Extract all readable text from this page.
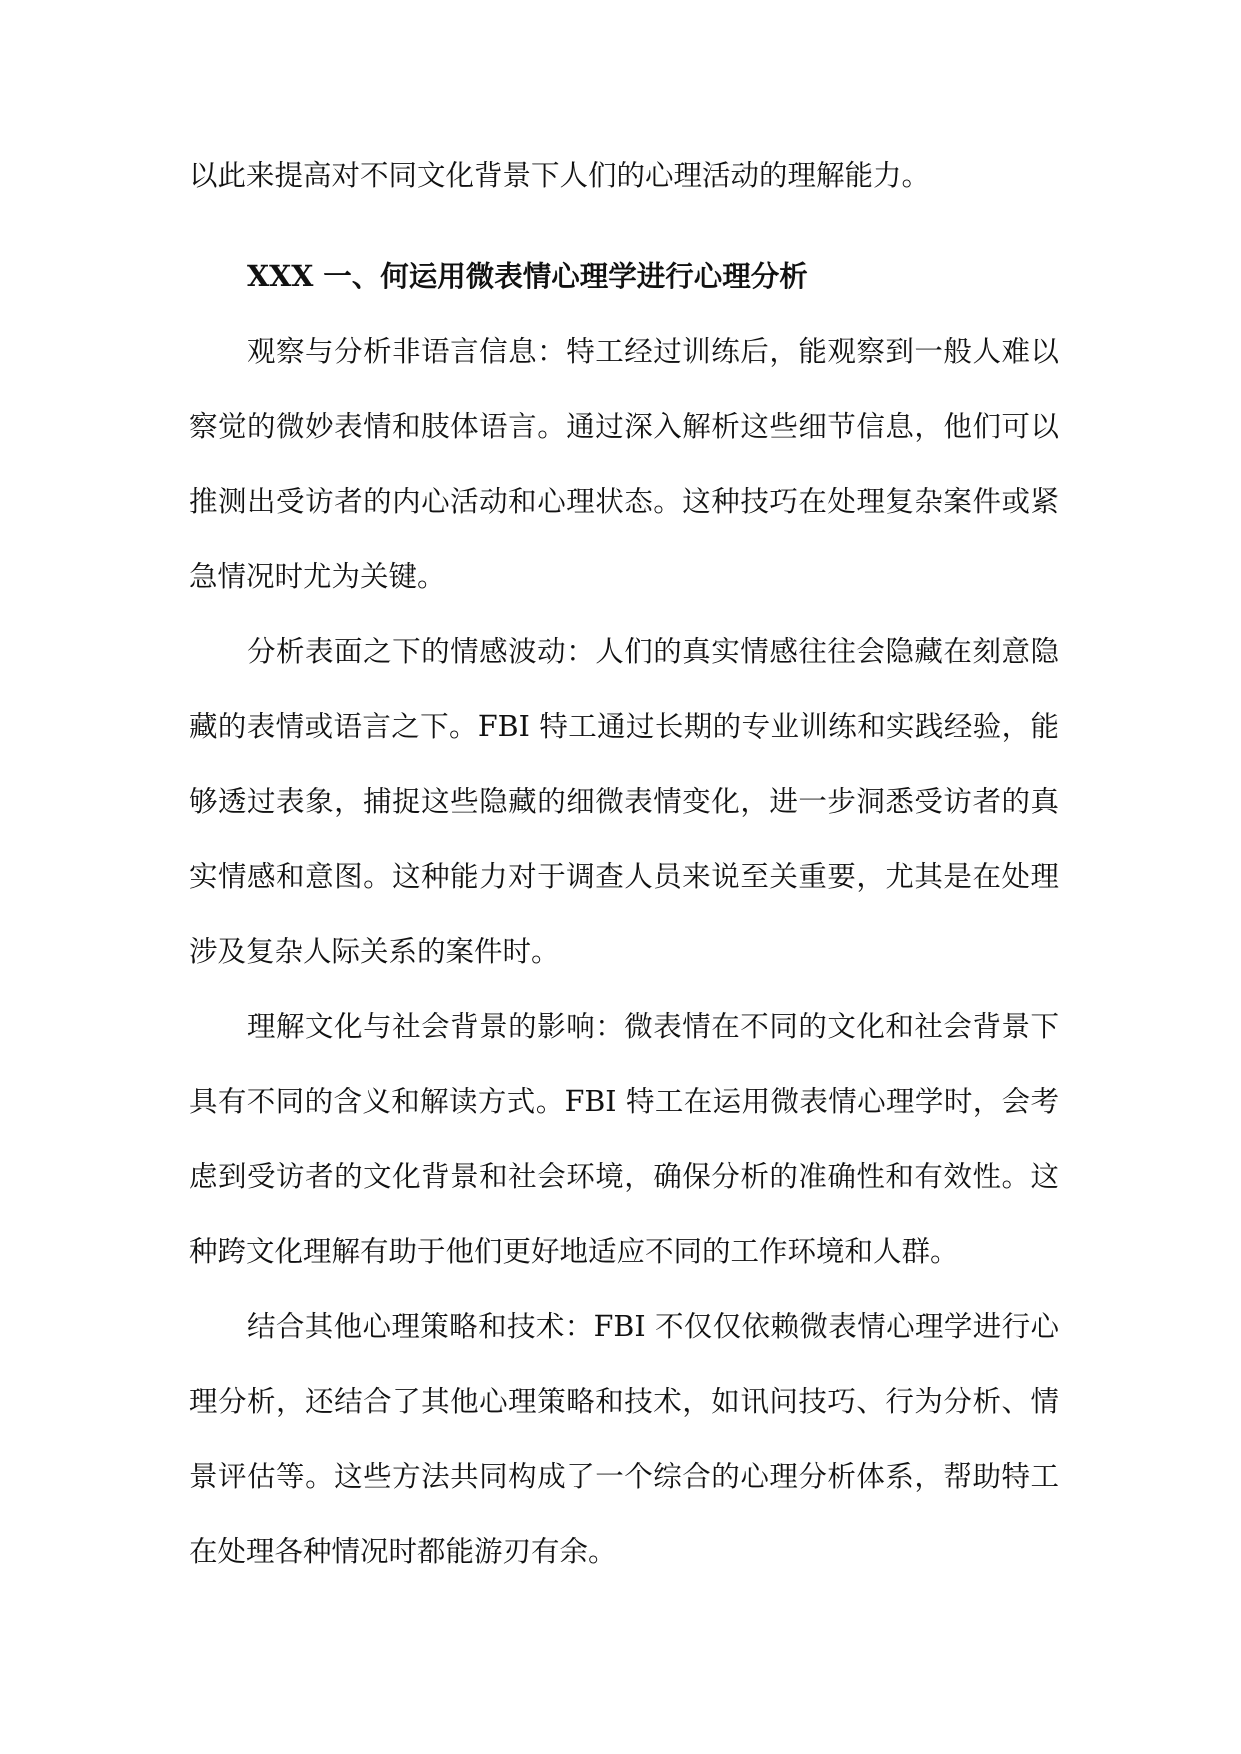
以此来提高对不同文化背景下人们的心理活动的理解能力。

XXX 一、何运用微表情心理学进行心理分析

观察与分析非语言信息：特工经过训练后，能观察到一般人难以察觉的微妙表情和肢体语言。通过深入解析这些细节信息，他们可以推测出受访者的内心活动和心理状态。这种技巧在处理复杂案件或紧急情况时尤为关键。

分析表面之下的情感波动：人们的真实情感往往会隐藏在刻意隐藏的表情或语言之下。FBI 特工通过长期的专业训练和实践经验，能够透过表象，捕捉这些隐藏的细微表情变化，进一步洞悉受访者的真实情感和意图。这种能力对于调查人员来说至关重要，尤其是在处理涉及复杂人际关系的案件时。

理解文化与社会背景的影响：微表情在不同的文化和社会背景下具有不同的含义和解读方式。FBI 特工在运用微表情心理学时，会考虑到受访者的文化背景和社会环境，确保分析的准确性和有效性。这种跨文化理解有助于他们更好地适应不同的工作环境和人群。

结合其他心理策略和技术：FBI 不仅仅依赖微表情心理学进行心理分析，还结合了其他心理策略和技术，如讯问技巧、行为分析、情景评估等。这些方法共同构成了一个综合的心理分析体系，帮助特工在处理各种情况时都能游刃有余。
